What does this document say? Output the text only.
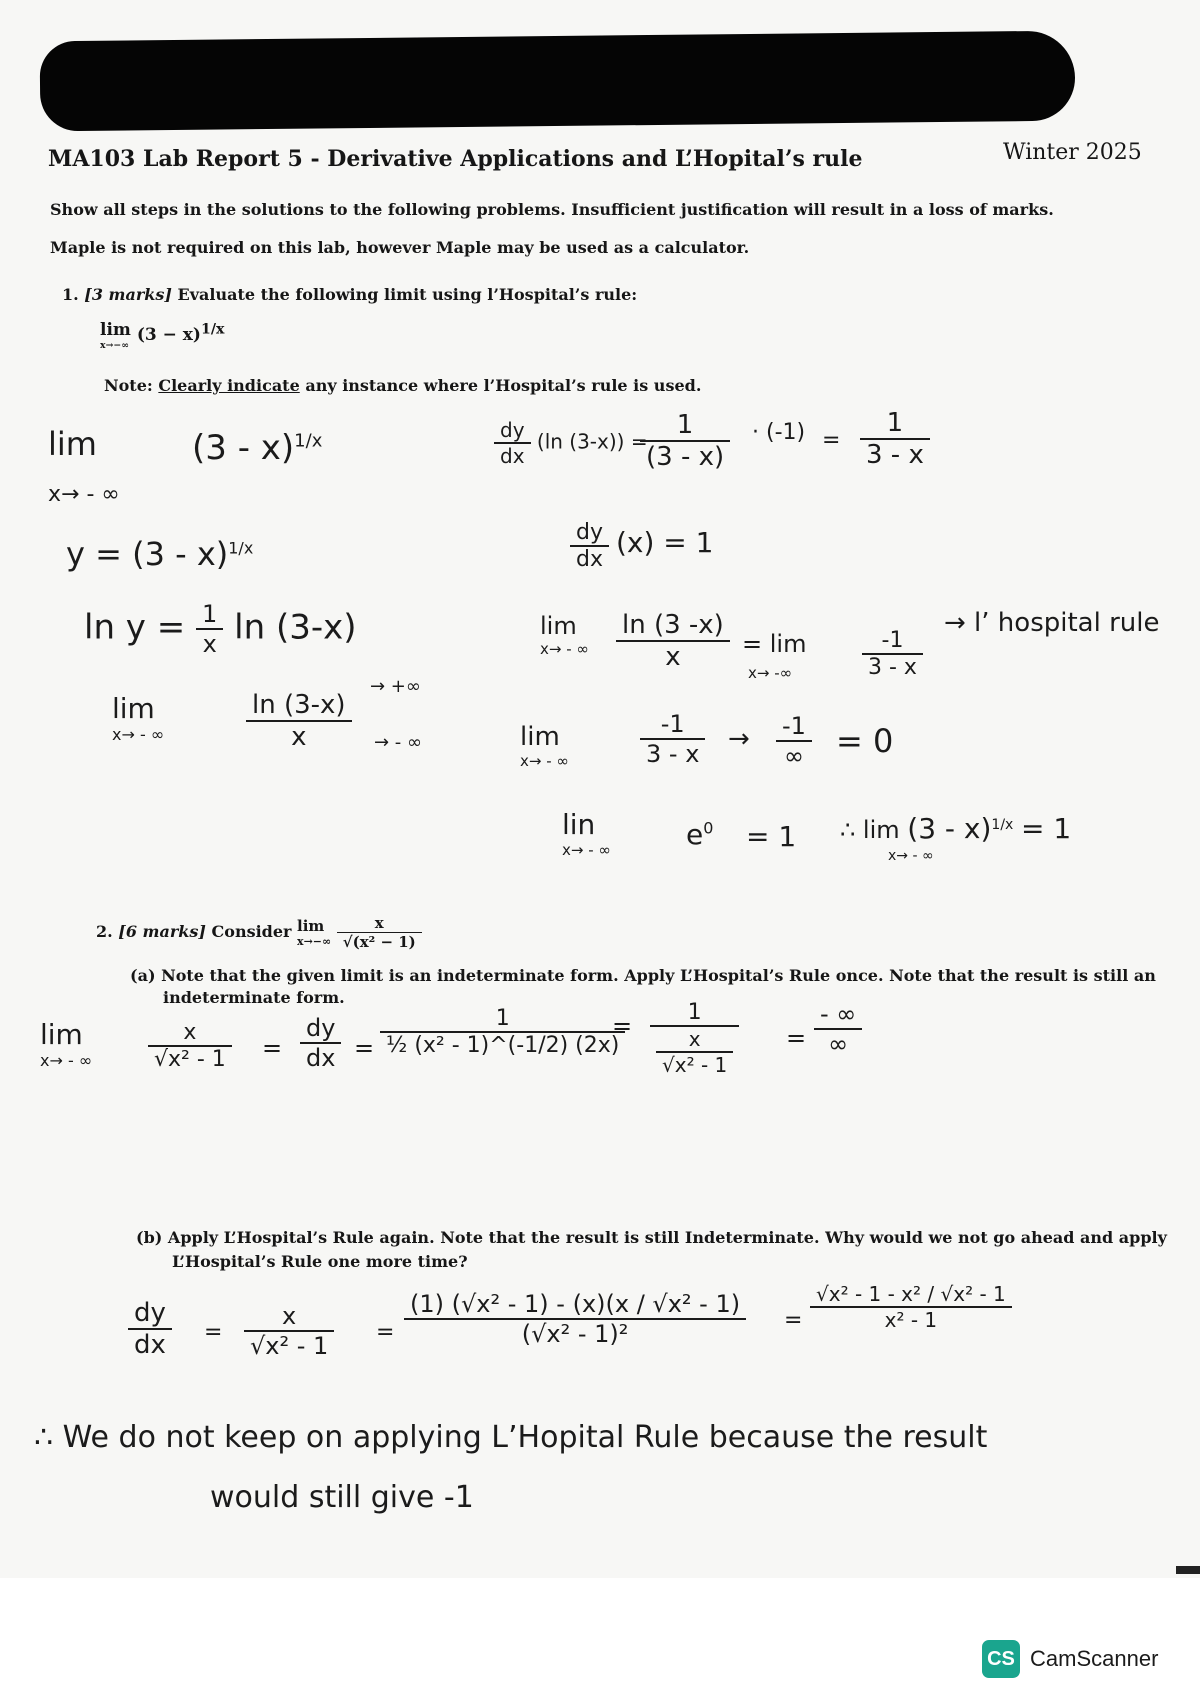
MA103 Lab Report 5 - Derivative Applications and L’Hopital’s rule	Winter 2025
Show all steps in the solutions to the following problems. Insufficient justification will result in a loss of marks.
Maple is not required on this lab, however Maple may be used as a calculator.
1. [3 marks] Evaluate the following limit using l’Hospital’s rule:
lim
x→−∞
$(3 - x)^{1/x}$
Note: Clearly indicate any instance where l’Hospital’s rule is used.
lim
x→ - ∞
(3 - x)$^{1/x}$
y = (3 - x)$^{1/x}$
$\ln y = \frac{1}{x}$ ln (3-x)
lim
x→ - ∞	$\frac{\ln (3-x)}{x}$
→ +∞
→ - ∞
$\frac{dy}{dx} (\ln$ (3-x)) =
$\frac{1}{(3 - x)} \cdot (-1) = \frac{1}{3 - x}$
$\frac{dy}{dx} (x) = 1$
lim
x→ - ∞ $\frac{\ln (3 -x)}{x} = \lim$
x→ -∞	$\frac{-1}{3 - x}$
→ l’ hospital rule
lim
x→ - ∞	$\frac{-1}{3 - x} \to \frac{-1}{\infty} = 0$
lin
x→ - ∞	$e^0 = 1$ ∴ lim (3 - x)$^{1/x}$ = 1
x→ - ∞
2. [6 marks] Consider lim
x→−∞
$\frac{x}{\text{√(x² − 1)}}$
(a) Note that the given limit is an indeterminate form. Apply L’Hospital’s Rule once. Note that the result is still an
indeterminate form.
lim
x→ - ∞	$\frac{x}{\text{√x² - 1}} = \frac{dy}{dx} = \frac{1}{\text{½ (x² - 1)\textasciicircum{}(-1/2) (2x)}}$
= $\frac{1}{\frac{x}{\text{√x² - 1}}} = \frac{- \infty}{\infty}$
(b) Apply L’Hospital’s Rule again. Note that the result is still Indeterminate. Why would we not go ahead and apply
L’Hospital’s Rule one more time?
$\frac{dy}{dx} = \frac{x}{\text{√x² - 1}} = \frac{\text{(1) (√x² - 1) - (x)(x / √x² - 1)}}{\text{(√x² - 1)²}} = \frac{\text{√x² - 1 - x² / √x² - 1}}{\text{x² - 1}}$
∴ We do not keep on applying L’Hopital Rule because the result
would still give -1
CS CamScanner
